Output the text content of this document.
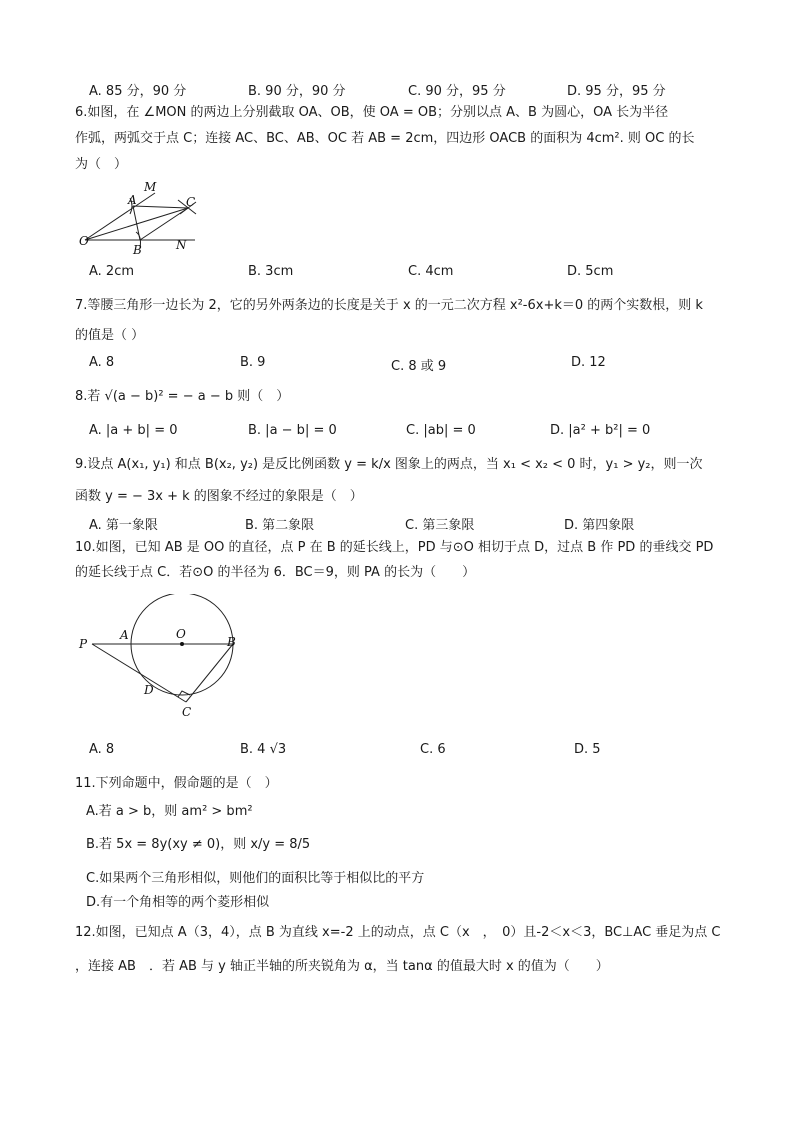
A. 85 分，90 分	B. 90 分，90 分	C. 90 分，95 分	D. 95 分，95 分
6.如图，在 ∠MON 的两边上分别截取 OA、OB，使 OA = OB；分别以点 A、B 为圆心，OA 长为半径
作弧，两弧交于点 C；连接 AC、BC、AB、OC 若 AB = 2cm，四边形 OACB 的面积为 4cm². 则 OC 的长
为（　）
M
A	C
O
B	N
A. 2cm	B. 3cm	C. 4cm	D. 5cm
7.等腰三角形一边长为 2，它的另外两条边的长度是关于 x 的一元二次方程 x²-6x+k＝0 的两个实数根，则 k
的值是（ ）
A. 8	B. 9	C. 8 或 9	D. 12
8.若 √(a − b)² = − a − b 则（　）
A. |a + b| = 0	B. |a − b| = 0	C. |ab| = 0	D. |a² + b²| = 0
9.设点 A(x₁, y₁) 和点 B(x₂, y₂) 是反比例函数 y = k/x 图象上的两点，当 x₁ < x₂ < 0 时，y₁ > y₂，则一次
函数 y = − 3x + k 的图象不经过的象限是（　）
A. 第一象限	B. 第二象限	C. 第三象限	D. 第四象限
10.如图，已知 AB 是 OO 的直径，点 P 在 B 的延长线上，PD 与⊙O 相切于点 D，过点 B 作 PD 的垂线交 PD
的延长线于点 C．若⊙O 的半径为 6．BC＝9，则 PA 的长为（　　）
P
A	O
B
D
C
A. 8	B. 4 √3	C. 6	D. 5
11.下列命题中，假命题的是（　）
A.若 a > b，则 am² > bm²
B.若 5x = 8y(xy ≠ 0)，则 x/y = 8/5
C.如果两个三角形相似，则他们的面积比等于相似比的平方
D.有一个角相等的两个菱形相似
12.如图，已知点 A（3，4），点 B 为直线 x=-2 上的动点，点 C（x　，　0）且-2＜x＜3，BC⊥AC 垂足为点 C
，连接 AB　．若 AB 与 y 轴正半轴的所夹锐角为 α，当 tanα 的值最大时 x 的值为（　　）
